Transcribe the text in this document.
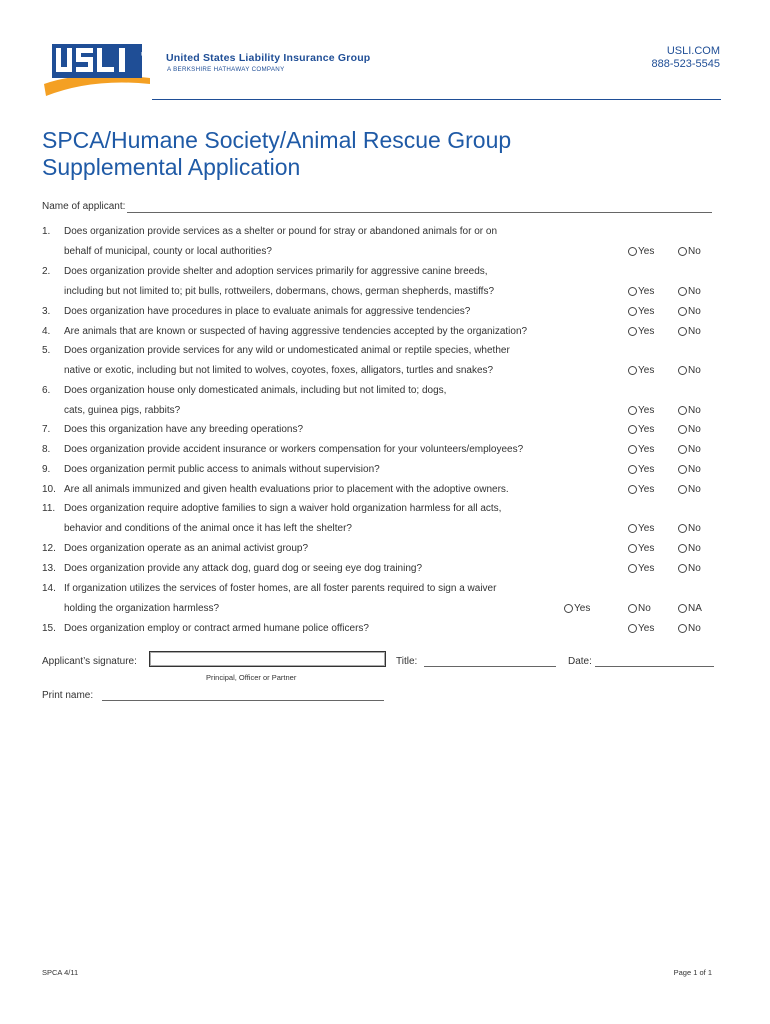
USLI United States Liability Insurance Group
A BERKSHIRE HATHAWAY COMPANY
USLI.COM
888-523-5545
SPCA/Humane Society/Animal Rescue Group
Supplemental Application
Name of applicant:
1.	Does organization provide services as a shelter or pound for stray or abandoned animals for or on
behalf of municipal, county or local authorities?	Yes	No
2.	Does organization provide shelter and adoption services primarily for aggressive canine breeds,
including but not limited to; pit bulls, rottweilers, dobermans, chows, german shepherds, mastiffs?	Yes	No
3.	Does organization have procedures in place to evaluate animals for aggressive tendencies?	Yes	No
4.	Are animals that are known or suspected of having aggressive tendencies accepted by the organization?	Yes	No
5.	Does organization provide services for any wild or undomesticated animal or reptile species, whether
native or exotic, including but not limited to wolves, coyotes, foxes, alligators, turtles and snakes?	Yes	No
6.	Does organization house only domesticated animals, including but not limited to; dogs,
cats, guinea pigs, rabbits?	Yes	No
7.	Does this organization have any breeding operations?	Yes	No
8.	Does organization provide accident insurance or workers compensation for your volunteers/employees?	Yes	No
9.	Does organization permit public access to animals without supervision?	Yes	No
10. Are all animals immunized and given health evaluations prior to placement with the adoptive owners.	Yes	No
11. Does organization require adoptive families to sign a waiver hold organization harmless for all acts,
behavior and conditions of the animal once it has left the shelter?	Yes	No
12. Does organization operate as an animal activist group?	Yes	No
13. Does organization provide any attack dog, guard dog or seeing eye dog training?	Yes	No
14. If organization utilizes the services of foster homes, are all foster parents required to sign a waiver
holding the organization harmless?	Yes	No	NA
15. Does organization employ or contract armed humane police officers?	Yes	No
Applicant’s signature:
Principal, Officer or Partner
Title:	Date:
Print name:
SPCA 4/11	Page 1 of 1
